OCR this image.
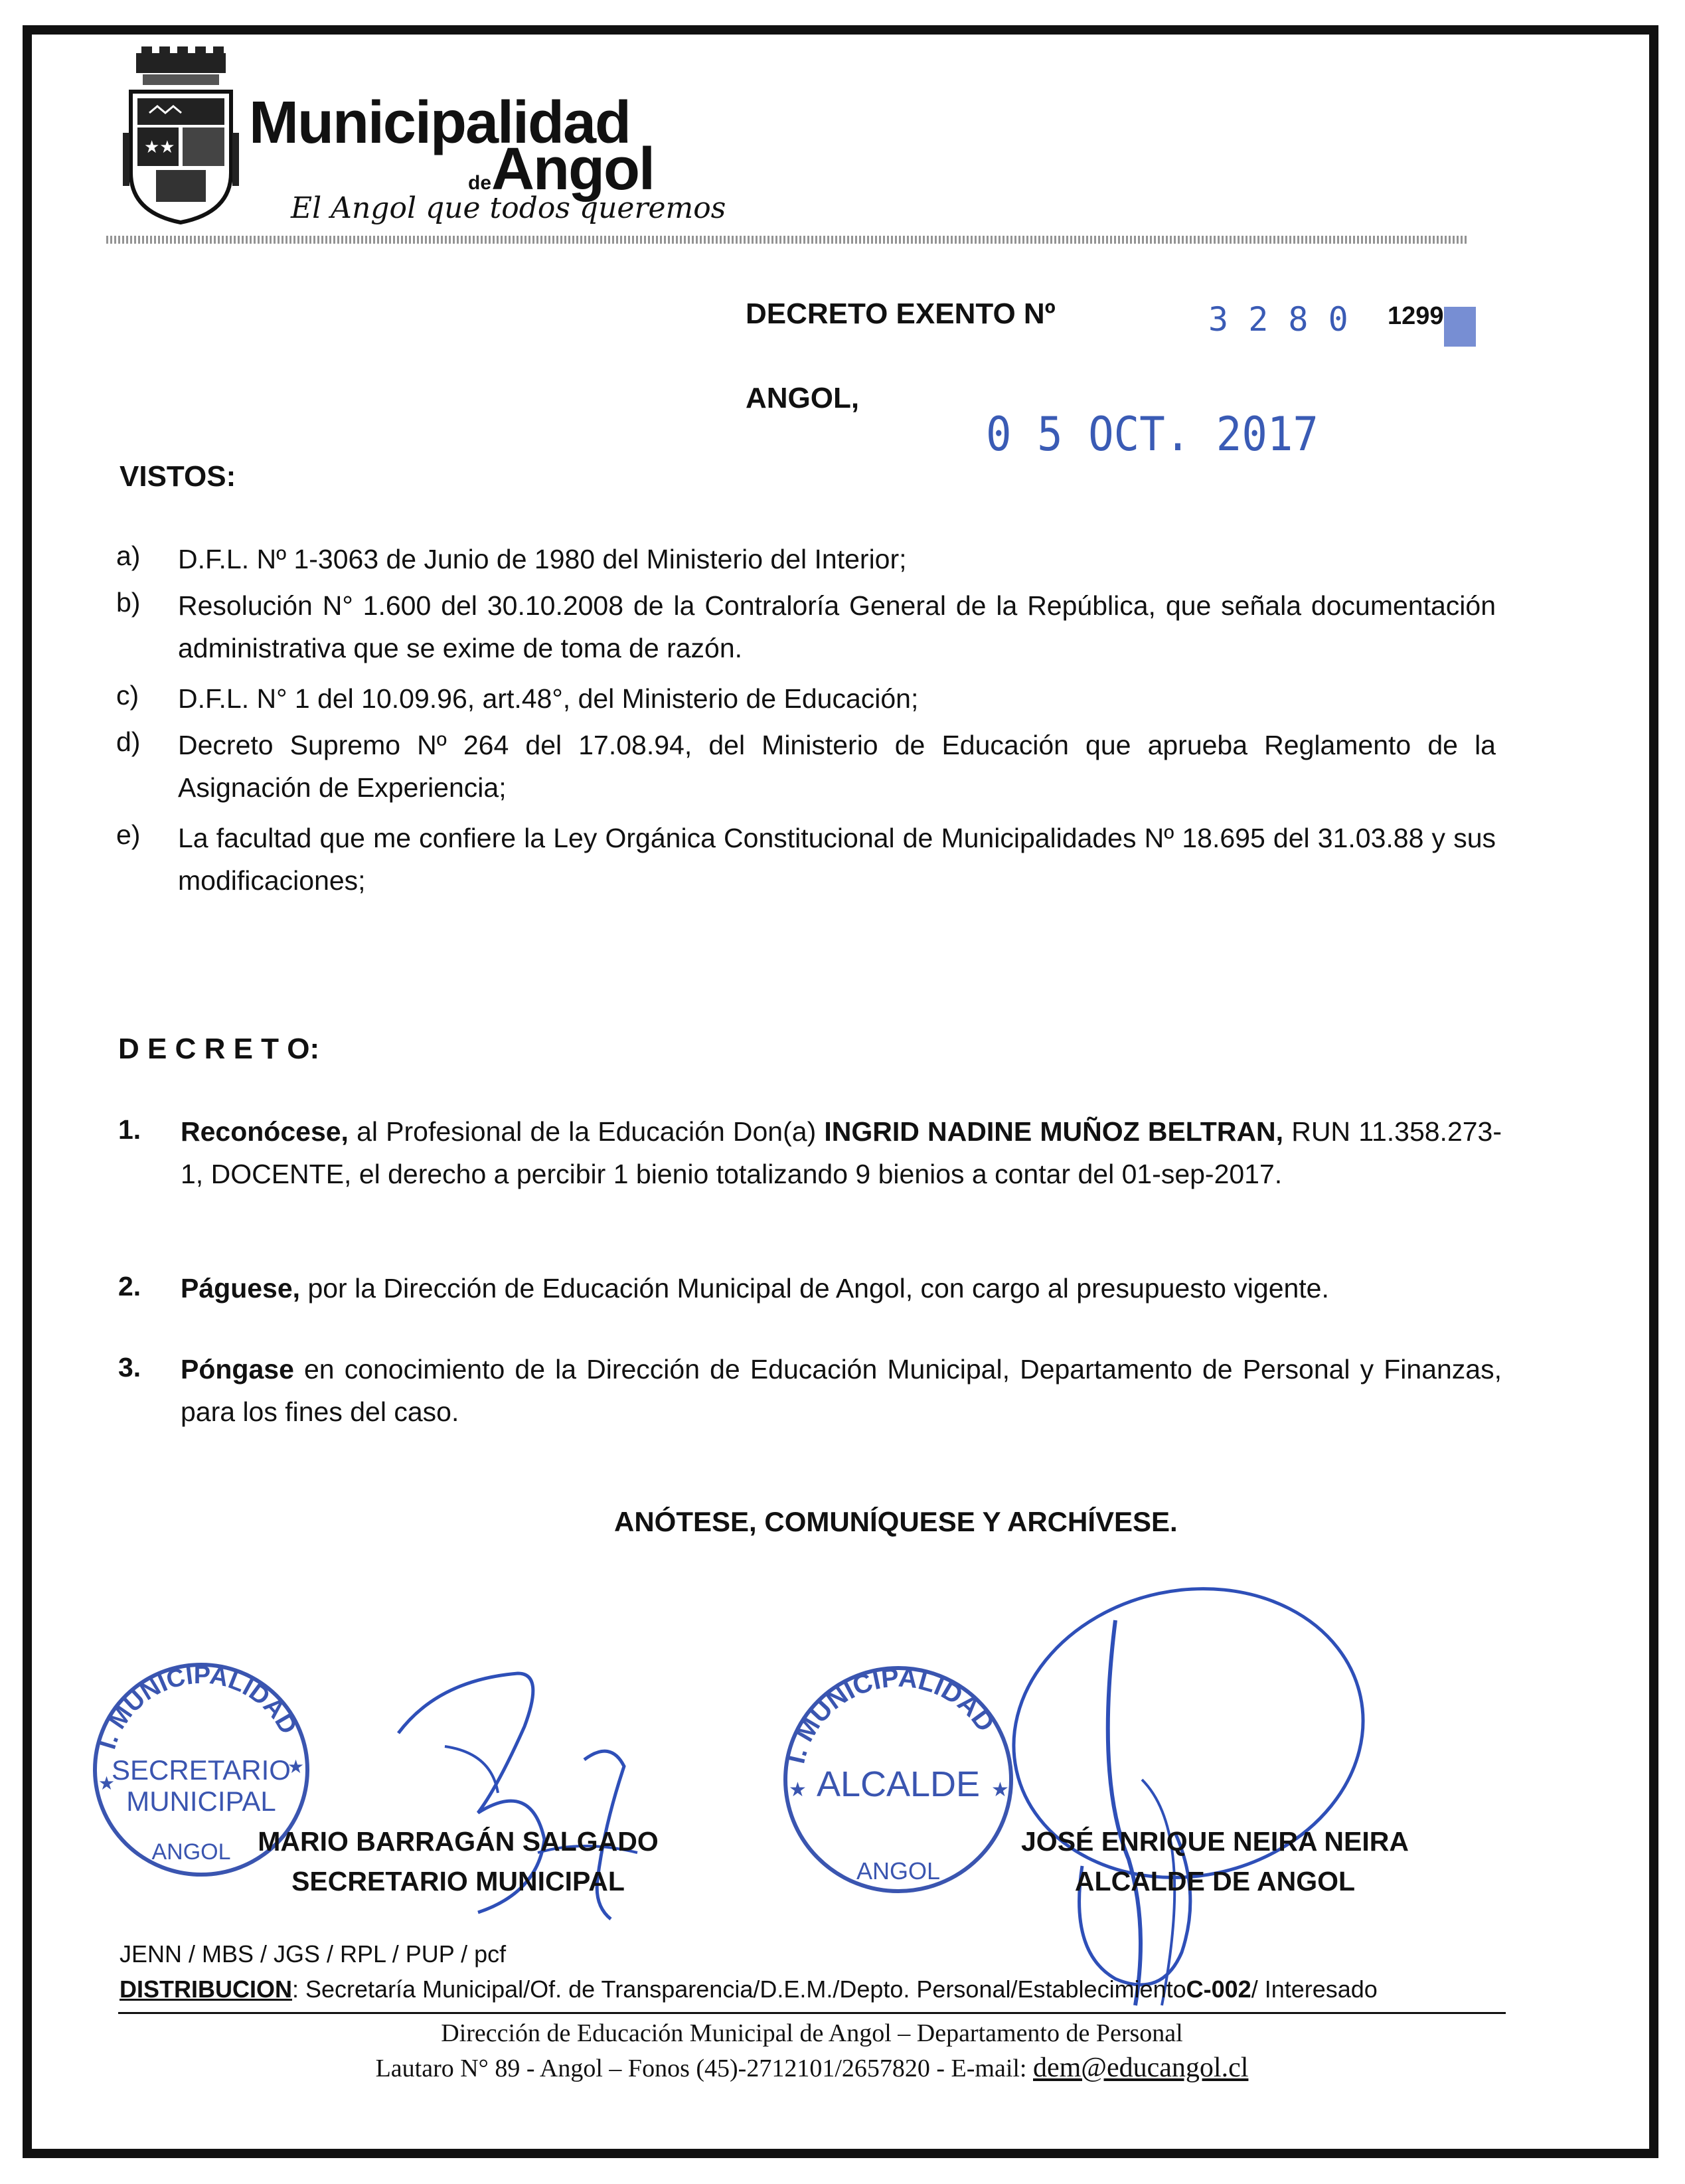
★★ Municipalidad
deAngol
El Angol que todos queremos
DECRETO EXENTO Nº	3 2 8 0 1299
ANGOL,
0 5 OCT. 2017
VISTOS:
a) D.F.L. Nº 1-3063 de Junio de 1980 del Ministerio del Interior;
b) Resolución N° 1.600 del 30.10.2008 de la Contraloría General de la República, que señala documentación administrativa que se exime de toma de razón.
c) D.F.L. N° 1 del 10.09.96, art.48°, del Ministerio de Educación;
d) Decreto Supremo Nº 264 del 17.08.94, del Ministerio de Educación que aprueba Reglamento de la Asignación de Experiencia;
e) La facultad que me confiere la Ley Orgánica Constitucional de Municipalidades Nº 18.695 del 31.03.88 y sus modificaciones;
D E C R E T O:
1. Reconócese, al Profesional de la Educación Don(a) INGRID NADINE MUÑOZ BELTRAN, RUN 11.358.273-1, DOCENTE, el derecho a percibir 1 bienio totalizando 9 bienios a contar del 01-sep-2017.
2. Páguese, por la Dirección de Educación Municipal de Angol, con cargo al presupuesto vigente.
3. Póngase en conocimiento de la Dirección de Educación Municipal, Departamento de Personal y Finanzas, para los fines del caso.
ANÓTESE, COMUNÍQUESE Y ARCHÍVESE.
I. MUNICIPALIDAD
SECRETARIO
MUNICIPAL
★
★
ANGOL
I. MUNICIPALIDAD
ALCALDE
★	★
ANGOL
MARIO BARRAGÁN SALGADO
SECRETARIO MUNICIPAL
JOSÉ ENRIQUE NEIRA NEIRA
ALCALDE DE ANGOL
JENN / MBS / JGS / RPL / PUP / pcf
DISTRIBUCION: Secretaría Municipal/Of. de Transparencia/D.E.M./Depto. Personal/EstablecimientoC-002/ Interesado
Dirección de Educación Municipal de Angol – Departamento de Personal
Lautaro N° 89 - Angol – Fonos (45)-2712101/2657820 - E-mail: dem@educangol.cl
